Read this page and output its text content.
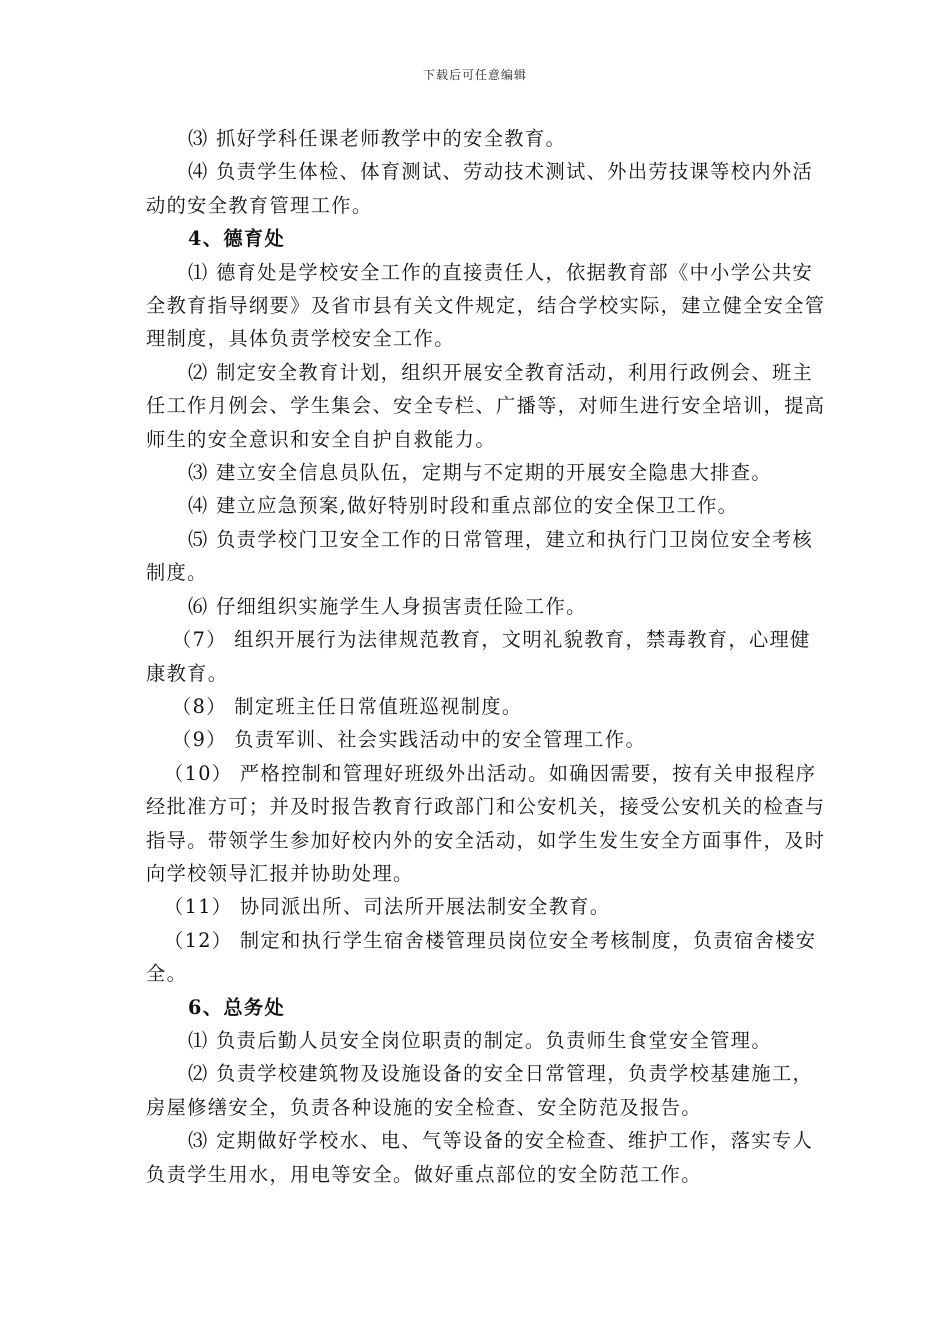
下载后可任意编辑

⑶ 抓好学科任课老师教学中的安全教育。

⑷ 负责学生体检、体育测试、劳动技术测试、外出劳技课等校内外活动的安全教育管理工作。

4、德育处

⑴ 德育处是学校安全工作的直接责任人，依据教育部《中小学公共安全教育指导纲要》及省市县有关文件规定，结合学校实际，建立健全安全管理制度，具体负责学校安全工作。

⑵ 制定安全教育计划，组织开展安全教育活动，利用行政例会、班主任工作月例会、学生集会、安全专栏、广播等，对师生进行安全培训，提高师生的安全意识和安全自护自救能力。

⑶ 建立安全信息员队伍，定期与不定期的开展安全隐患大排查。

⑷ 建立应急预案,做好特别时段和重点部位的安全保卫工作。

⑸ 负责学校门卫安全工作的日常管理，建立和执行门卫岗位安全考核制度。

⑹ 仔细组织实施学生人身损害责任险工作。

（7） 组织开展行为法律规范教育，文明礼貌教育，禁毒教育，心理健康教育。

（8） 制定班主任日常值班巡视制度。

（9） 负责军训、社会实践活动中的安全管理工作。

（10） 严格控制和管理好班级外出活动。如确因需要，按有关申报程序经批准方可；并及时报告教育行政部门和公安机关，接受公安机关的检查与指导。带领学生参加好校内外的安全活动，如学生发生安全方面事件，及时向学校领导汇报并协助处理。

（11） 协同派出所、司法所开展法制安全教育。

（12） 制定和执行学生宿舍楼管理员岗位安全考核制度，负责宿舍楼安全。

6、总务处

⑴ 负责后勤人员安全岗位职责的制定。负责师生食堂安全管理。

⑵ 负责学校建筑物及设施设备的安全日常管理，负责学校基建施工，房屋修缮安全，负责各种设施的安全检查、安全防范及报告。

⑶ 定期做好学校水、电、气等设备的安全检查、维护工作，落实专人负责学生用水，用电等安全。做好重点部位的安全防范工作。
